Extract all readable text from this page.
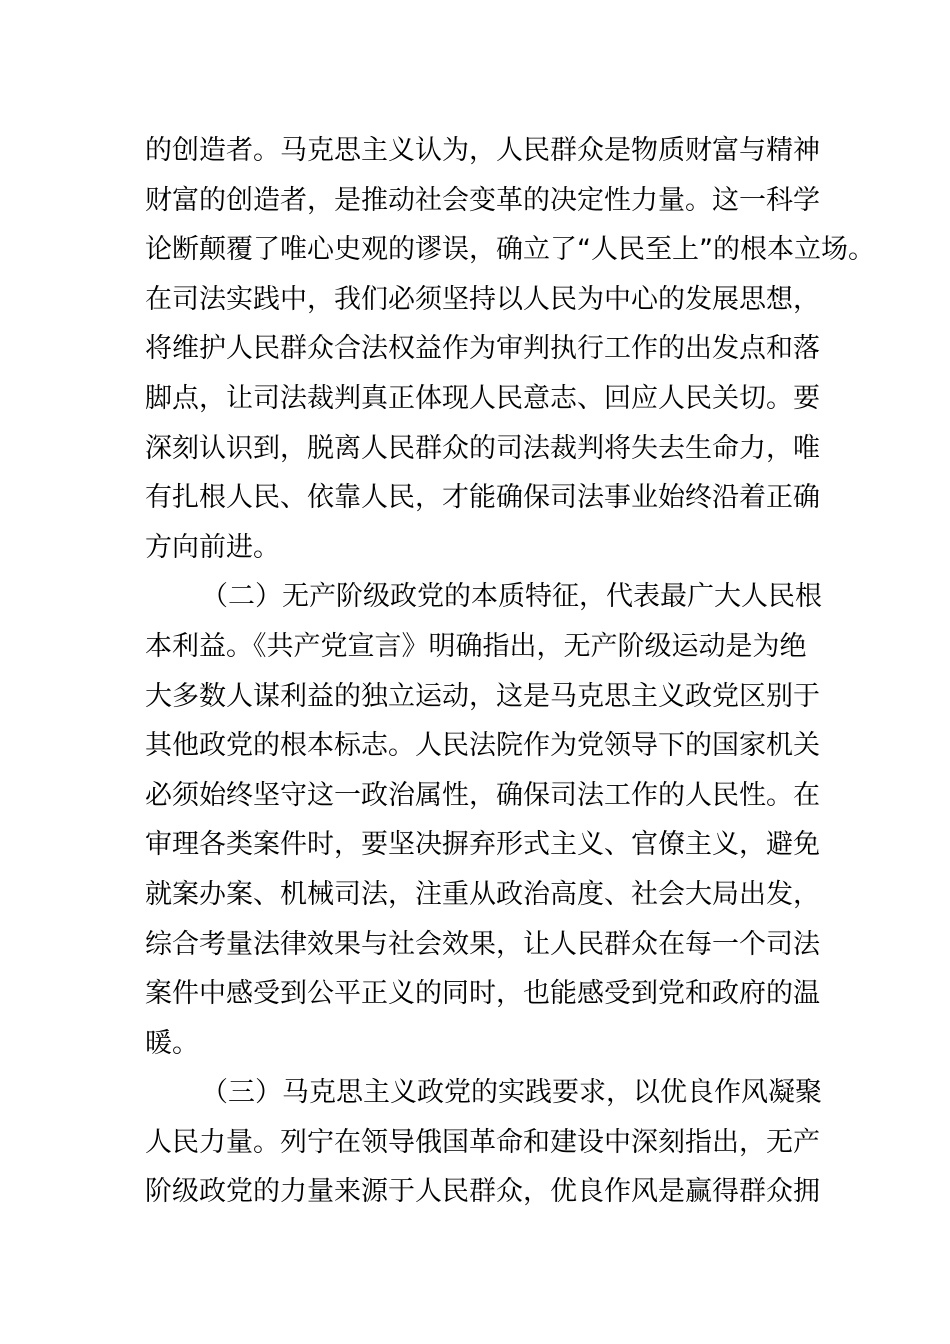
的创造者。马克思主义认为，人民群众是物质财富与精神
财富的创造者，是推动社会变革的决定性力量。这一科学
论断颠覆了唯心史观的谬误，确立了“人民至上”的根本立场。
在司法实践中，我们必须坚持以人民为中心的发展思想，
将维护人民群众合法权益作为审判执行工作的出发点和落
脚点，让司法裁判真正体现人民意志、回应人民关切。要
深刻认识到，脱离人民群众的司法裁判将失去生命力，唯
有扎根人民、依靠人民，才能确保司法事业始终沿着正确
方向前进。
（二）无产阶级政党的本质特征，代表最广大人民根
本利益。《共产党宣言》明确指出，无产阶级运动是为绝
大多数人谋利益的独立运动，这是马克思主义政党区别于
其他政党的根本标志。人民法院作为党领导下的国家机关
必须始终坚守这一政治属性，确保司法工作的人民性。在
审理各类案件时，要坚决摒弃形式主义、官僚主义，避免
就案办案、机械司法，注重从政治高度、社会大局出发，
综合考量法律效果与社会效果，让人民群众在每一个司法
案件中感受到公平正义的同时，也能感受到党和政府的温
暖。
（三）马克思主义政党的实践要求，以优良作风凝聚
人民力量。列宁在领导俄国革命和建设中深刻指出，无产
阶级政党的力量来源于人民群众，优良作风是赢得群众拥
